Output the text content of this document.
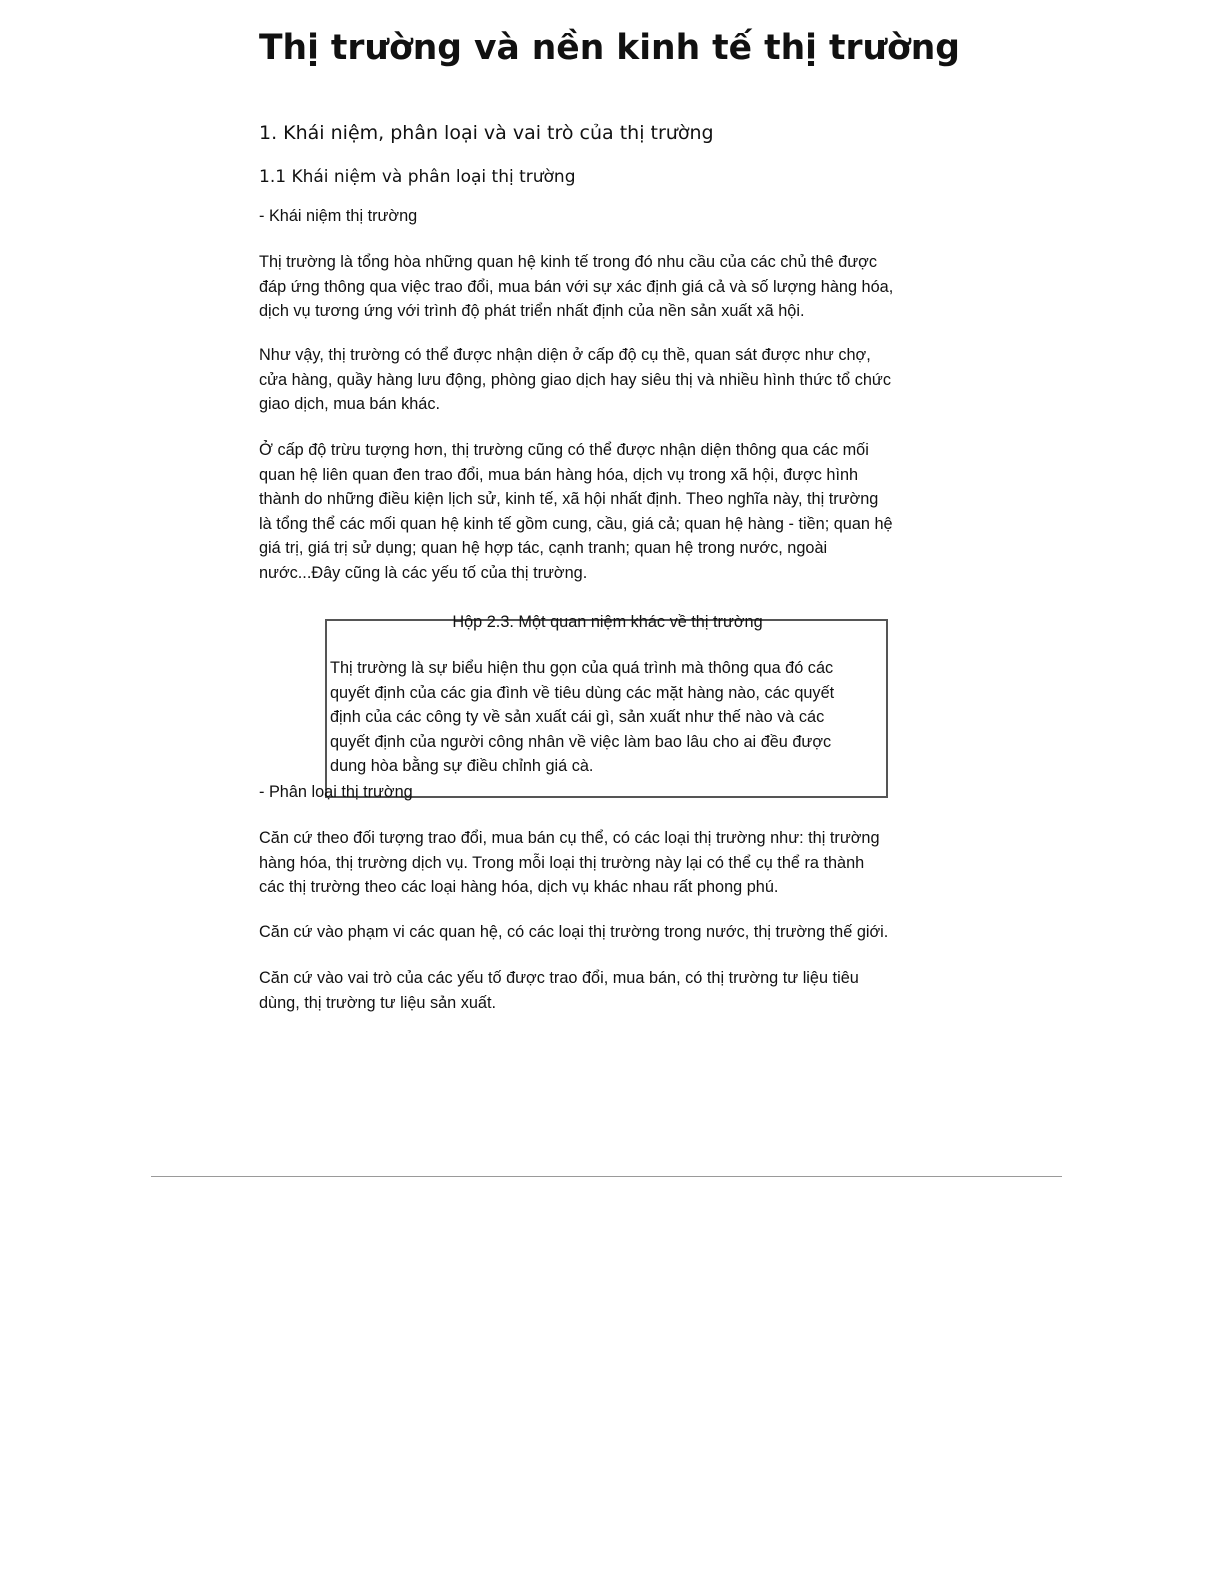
Thị trường và nền kinh tế thị trường
1. Khái niệm, phân loại và vai trò của thị trường
1.1 Khái niệm và phân loại thị trường

- Khái niệm thị trường

Thị trường là tổng hòa những quan hệ kinh tế trong đó nhu cầu của các chủ thê được
đáp ứng thông qua việc trao đổi, mua bán với sự xác định giá cả và số lượng hàng hóa,
dịch vụ tương ứng với trình độ phát triển nhất định của nền sản xuất xã hội.

Như vậy, thị trường có thể được nhận diện ở cấp độ cụ thề, quan sát được như chợ,
cửa hàng, quầy hàng lưu động, phòng giao dịch hay siêu thị và nhiều hình thức tổ chức
giao dịch, mua bán khác.

Ở cấp độ trừu tượng hơn, thị trường cũng có thể được nhận diện thông qua các mối
quan hệ liên quan đen trao đổi, mua bán hàng hóa, dịch vụ trong xã hội, được hình
thành do những điều kiện lịch sử, kinh tế, xã hội nhất định. Theo nghĩa này, thị trường
là tổng thể các mối quan hệ kinh tế gồm cung, cầu, giá cả; quan hệ hàng - tiền; quan hệ
giá trị, giá trị sử dụng; quan hệ hợp tác, cạnh tranh; quan hệ trong nước, ngoài
nước...Đây cũng là các yếu tố của thị trường.

Hộp 2.3. Một quan niệm khác về thị trường

Thị trường là sự biểu hiện thu gọn của quá trình mà thông qua đó các
quyết định của các gia đình về tiêu dùng các mặt hàng nào, các quyết
định của các công ty về sản xuất cái gì, sản xuất như thế nào và các
quyết định của người công nhân về việc làm bao lâu cho ai đều được
dung hòa bằng sự điều chỉnh giá cà.

- Phân loại thị trường

Căn cứ theo đối tượng trao đổi, mua bán cụ thể, có các loại thị trường như: thị trường
hàng hóa, thị trường dịch vụ. Trong mỗi loại thị trường này lại có thể cụ thể ra thành
các thị trường theo các loại hàng hóa, dịch vụ khác nhau rất phong phú.

Căn cứ vào phạm vi các quan hệ, có các loại thị trường trong nước, thị trường thế giới.

Căn cứ vào vai trò của các yếu tố được trao đổi, mua bán, có thị trường tư liệu tiêu
dùng, thị trường tư liệu sản xuất.
